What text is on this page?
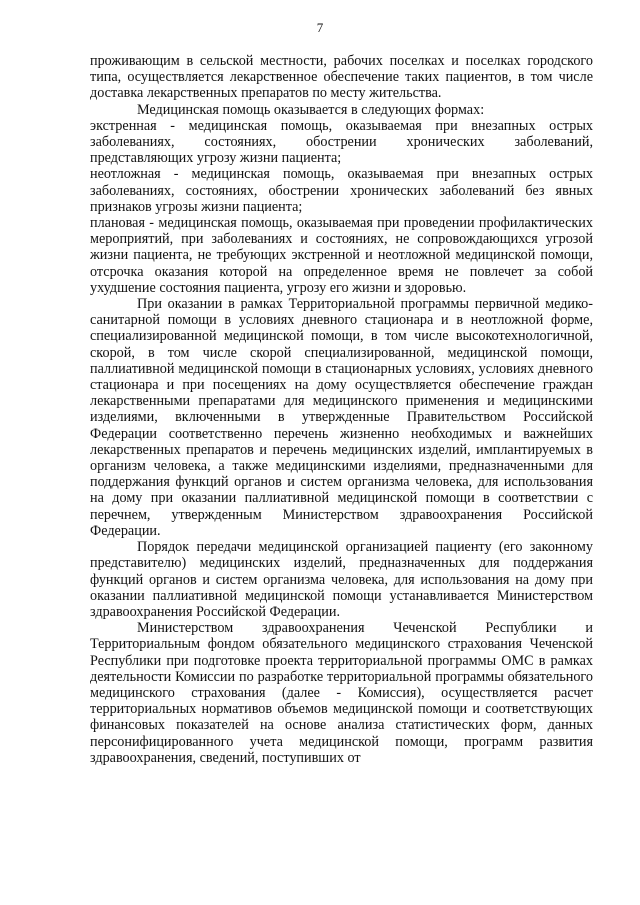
7

проживающим в сельской местности, рабочих поселках и поселках городского типа, осуществляется лекарственное обеспечение таких пациентов, в том числе доставка лекарственных препаратов по месту жительства.

Медицинская помощь оказывается в следующих формах:

экстренная - медицинская помощь, оказываемая при внезапных острых заболеваниях, состояниях, обострении хронических заболеваний, представляющих угрозу жизни пациента;

неотложная - медицинская помощь, оказываемая при внезапных острых заболеваниях, состояниях, обострении хронических заболеваний без явных признаков угрозы жизни пациента;

плановая - медицинская помощь, оказываемая при проведении профилактических мероприятий, при заболеваниях и состояниях, не сопровождающихся угрозой жизни пациента, не требующих экстренной и неотложной медицинской помощи, отсрочка оказания которой на определенное время не повлечет за собой ухудшение состояния пациента, угрозу его жизни и здоровью.

При оказании в рамках Территориальной программы первичной медико-санитарной помощи в условиях дневного стационара и в неотложной форме, специализированной медицинской помощи, в том числе высокотехнологичной, скорой, в том числе скорой специализированной, медицинской помощи, паллиативной медицинской помощи в стационарных условиях, условиях дневного стационара и при посещениях на дому осуществляется обеспечение граждан лекарственными препаратами для медицинского применения и медицинскими изделиями, включенными в утвержденные Правительством Российской Федерации соответственно перечень жизненно необходимых и важнейших лекарственных препаратов и перечень медицинских изделий, имплантируемых в организм человека, а также медицинскими изделиями, предназначенными для поддержания функций органов и систем организма человека, для использования на дому при оказании паллиативной медицинской помощи в соответствии с перечнем, утвержденным Министерством здравоохранения Российской Федерации.

Порядок передачи медицинской организацией пациенту (его законному представителю) медицинских изделий, предназначенных для поддержания функций органов и систем организма человека, для использования на дому при оказании паллиативной медицинской помощи устанавливается Министерством здравоохранения Российской Федерации.

Министерством здравоохранения Чеченской Республики и Территориальным фондом обязательного медицинского страхования Чеченской Республики при подготовке проекта территориальной программы ОМС в рамках деятельности Комиссии по разработке территориальной программы обязательного медицинского страхования (далее - Комиссия), осуществляется расчет территориальных нормативов объемов медицинской помощи и соответствующих финансовых показателей на основе анализа статистических форм, данных персонифицированного учета медицинской помощи, программ развития здравоохранения, сведений, поступивших от
